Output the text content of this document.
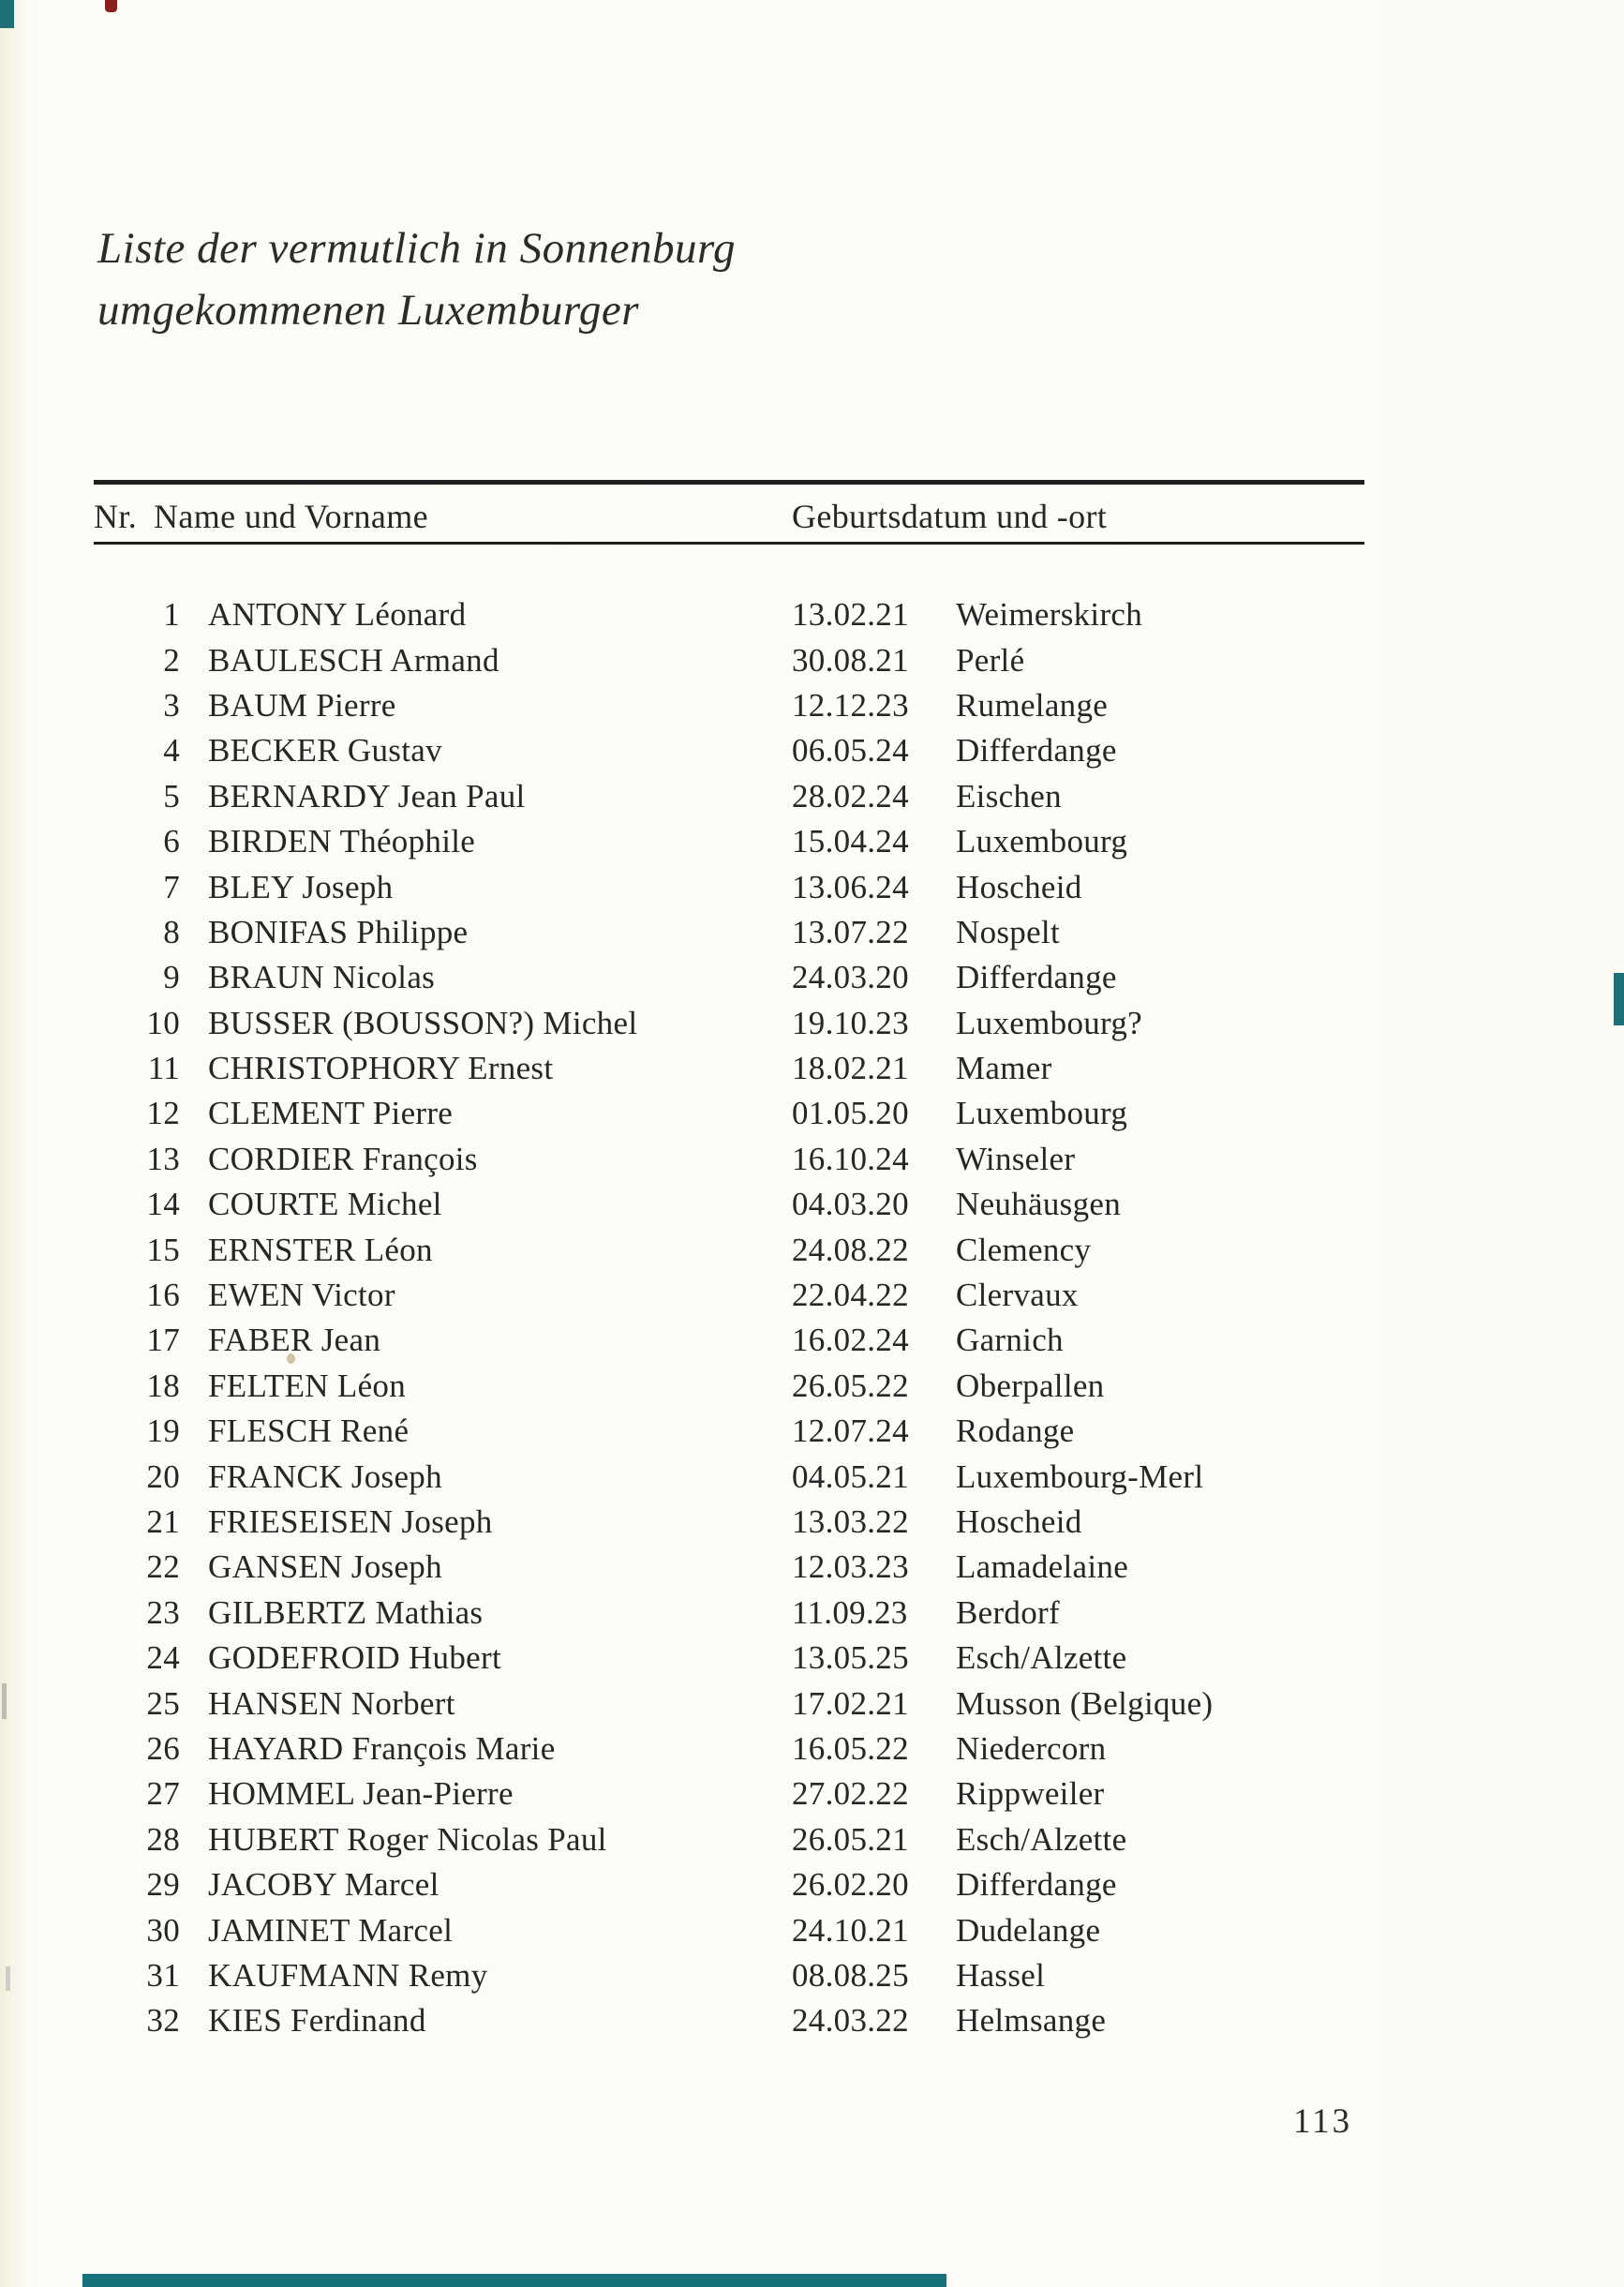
Liste der vermutlich in Sonnenburg
umgekommenen Luxemburger
Nr. Name und Vorname	Geburtsdatum und -ort
1 ANTONY Léonard	13.02.21	Weimerskirch
2 BAULESCH Armand	30.08.21	Perlé
3 BAUM Pierre	12.12.23	Rumelange
4 BECKER Gustav	06.05.24	Differdange
5 BERNARDY Jean Paul	28.02.24	Eischen
6 BIRDEN Théophile	15.04.24	Luxembourg
7 BLEY Joseph	13.06.24	Hoscheid
8 BONIFAS Philippe	13.07.22	Nospelt
9 BRAUN Nicolas	24.03.20	Differdange
10 BUSSER (BOUSSON?) Michel	19.10.23	Luxembourg?
11 CHRISTOPHORY Ernest	18.02.21	Mamer
12 CLEMENT Pierre	01.05.20	Luxembourg
13 CORDIER François	16.10.24	Winseler
14 COURTE Michel	04.03.20	Neuhäusgen
15 ERNSTER Léon	24.08.22	Clemency
16 EWEN Victor	22.04.22	Clervaux
17 FABER Jean	16.02.24	Garnich
18 FELTEN Léon	26.05.22	Oberpallen
19 FLESCH René	12.07.24	Rodange
20 FRANCK Joseph	04.05.21	Luxembourg-Merl
21 FRIESEISEN Joseph	13.03.22	Hoscheid
22 GANSEN Joseph	12.03.23	Lamadelaine
23 GILBERTZ Mathias	11.09.23	Berdorf
24 GODEFROID Hubert	13.05.25	Esch/Alzette
25 HANSEN Norbert	17.02.21	Musson (Belgique)
26 HAYARD François Marie	16.05.22	Niedercorn
27 HOMMEL Jean-Pierre	27.02.22	Rippweiler
28 HUBERT Roger Nicolas Paul	26.05.21	Esch/Alzette
29 JACOBY Marcel	26.02.20	Differdange
30 JAMINET Marcel	24.10.21	Dudelange
31 KAUFMANN Remy	08.08.25	Hassel
32 KIES Ferdinand	24.03.22	Helmsange
113
